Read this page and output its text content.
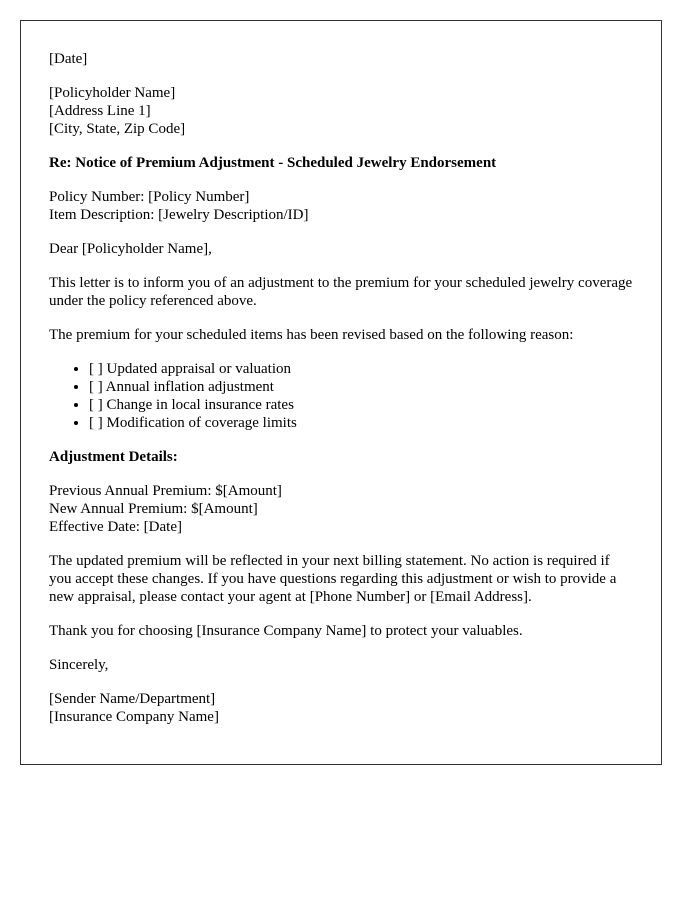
[Date]

[Policyholder Name]
[Address Line 1]
[City, State, Zip Code]

Re: Notice of Premium Adjustment - Scheduled Jewelry Endorsement

Policy Number: [Policy Number]
Item Description: [Jewelry Description/ID]

Dear [Policyholder Name],

This letter is to inform you of an adjustment to the premium for your scheduled jewelry coverage under the policy referenced above.

The premium for your scheduled items has been revised based on the following reason:

• [ ] Updated appraisal or valuation
• [ ] Annual inflation adjustment
• [ ] Change in local insurance rates
• [ ] Modification of coverage limits

Adjustment Details:

Previous Annual Premium: $[Amount]
New Annual Premium: $[Amount]
Effective Date: [Date]

The updated premium will be reflected in your next billing statement. No action is required if you accept these changes. If you have questions regarding this adjustment or wish to provide a new appraisal, please contact your agent at [Phone Number] or [Email Address].

Thank you for choosing [Insurance Company Name] to protect your valuables.

Sincerely,

[Sender Name/Department]
[Insurance Company Name]
